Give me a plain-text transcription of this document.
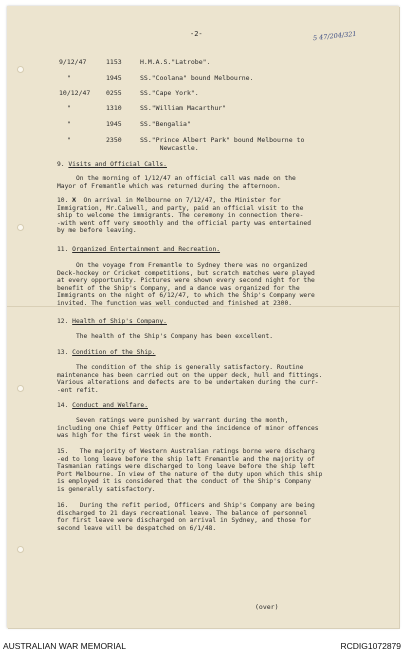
-2-	5 47/204/321
9/12/47	1153	H.M.A.S."Latrobe".
"	1945	SS."Coolana" bound Melbourne.
10/12/47 0255	SS."Cape York".
"	1310	SS."William Macarthur"
"	1945	SS."Bengalia"
"	2350	SS."Prince Albert Park" bound Melbourne to
Newcastle.
9. Visits and Official Calls.
On the morning of 1/12/47 an official call was made on the
Mayor of Fremantle which was returned during the afternoon.
10. Ж  On arrival in Melbourne on 7/12/47, the Minister for
Immigration, Mr.Calwell, and party, paid an official visit to the
ship to welcome the immigrants. The ceremony in connection there-
-with went off very smoothly and the official party was entertained
by me before leaving.
11. Organized Entertainment and Recreation.
On the voyage from Fremantle to Sydney there was no organized
Deck-hockey or Cricket competitions, but scratch matches were played
at every opportunity. Pictures were shown every second night for the
benefit of the Ship's Company, and a dance was organized for the
Immigrants on the night of 6/12/47, to which the Ship's Company were
invited. The function was well conducted and finished at 2300.
12. Health of Ship's Company.
The health of the Ship's Company has been excellent.
13. Condition of the Ship.
The condition of the ship is generally satisfactory. Routine
maintenance has been carried out on the upper deck, hull and fittings.
Various alterations and defects are to be undertaken during the curr-
-ent refit.
14. Conduct and Welfare.
Seven ratings were punished by warrant during the month,
including one Chief Petty Officer and the incidence of minor offences
was high for the first week in the month.
15.   The majority of Western Australian ratings borne were discharg
-ed to long leave before the ship left Fremantle and the majority of
Tasmanian ratings were discharged to long leave before the ship left
Port Melbourne. In view of the nature of the duty upon which this ship
is employed it is considered that the conduct of the Ship's Company
is generally satisfactory.
16.   During the refit period, Officers and Ship's Company are being
discharged to 21 days recreational leave. The balance of personnel
for first leave were discharged on arrival in Sydney, and those for
second leave will be despatched on 6/1/48.
(over)
AUSTRALIAN WAR MEMORIAL	RCDIG1072879
